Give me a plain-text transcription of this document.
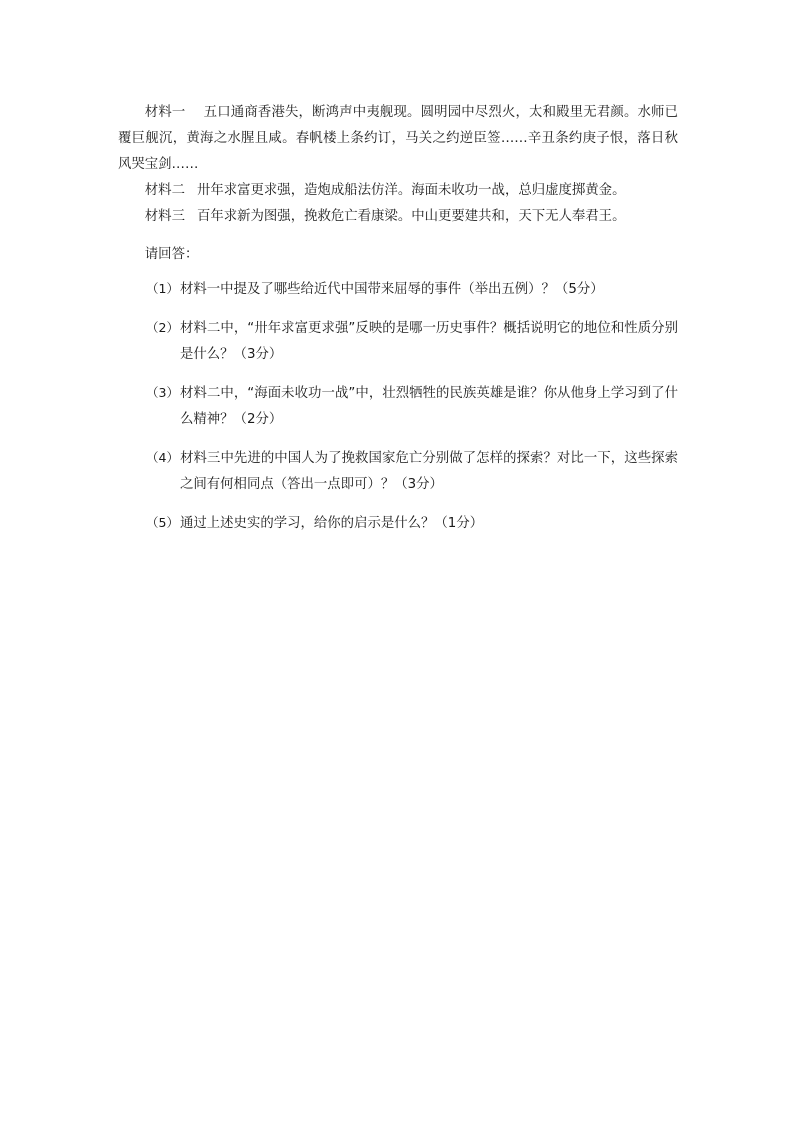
材料一 五口通商香港失，断鸿声中夷舰现。圆明园中尽烈火，太和殿里无君颜。水师已覆巨舰沉，黄海之水腥且咸。春帆楼上条约订，马关之约逆臣签……辛丑条约庚子恨，落日秋风哭宝剑……

材料二 卅年求富更求强，造炮成船法仿洋。海面未收功一战，总归虚度掷黄金。

材料三 百年求新为图强，挽救危亡看康梁。中山更要建共和，天下无人奉君王。

请回答：

（1）材料一中提及了哪些给近代中国带来屈辱的事件（举出五例）？（5分）
（2）材料二中，“卅年求富更求强”反映的是哪一历史事件？概括说明它的地位和性质分别是什么？（3分）
（3）材料二中，“海面未收功一战”中，壮烈牺牲的民族英雄是谁？你从他身上学习到了什么精神？（2分）
（4）材料三中先进的中国人为了挽救国家危亡分别做了怎样的探索？对比一下，这些探索之间有何相同点（答出一点即可）？（3分）
（5）通过上述史实的学习，给你的启示是什么？（1分）
